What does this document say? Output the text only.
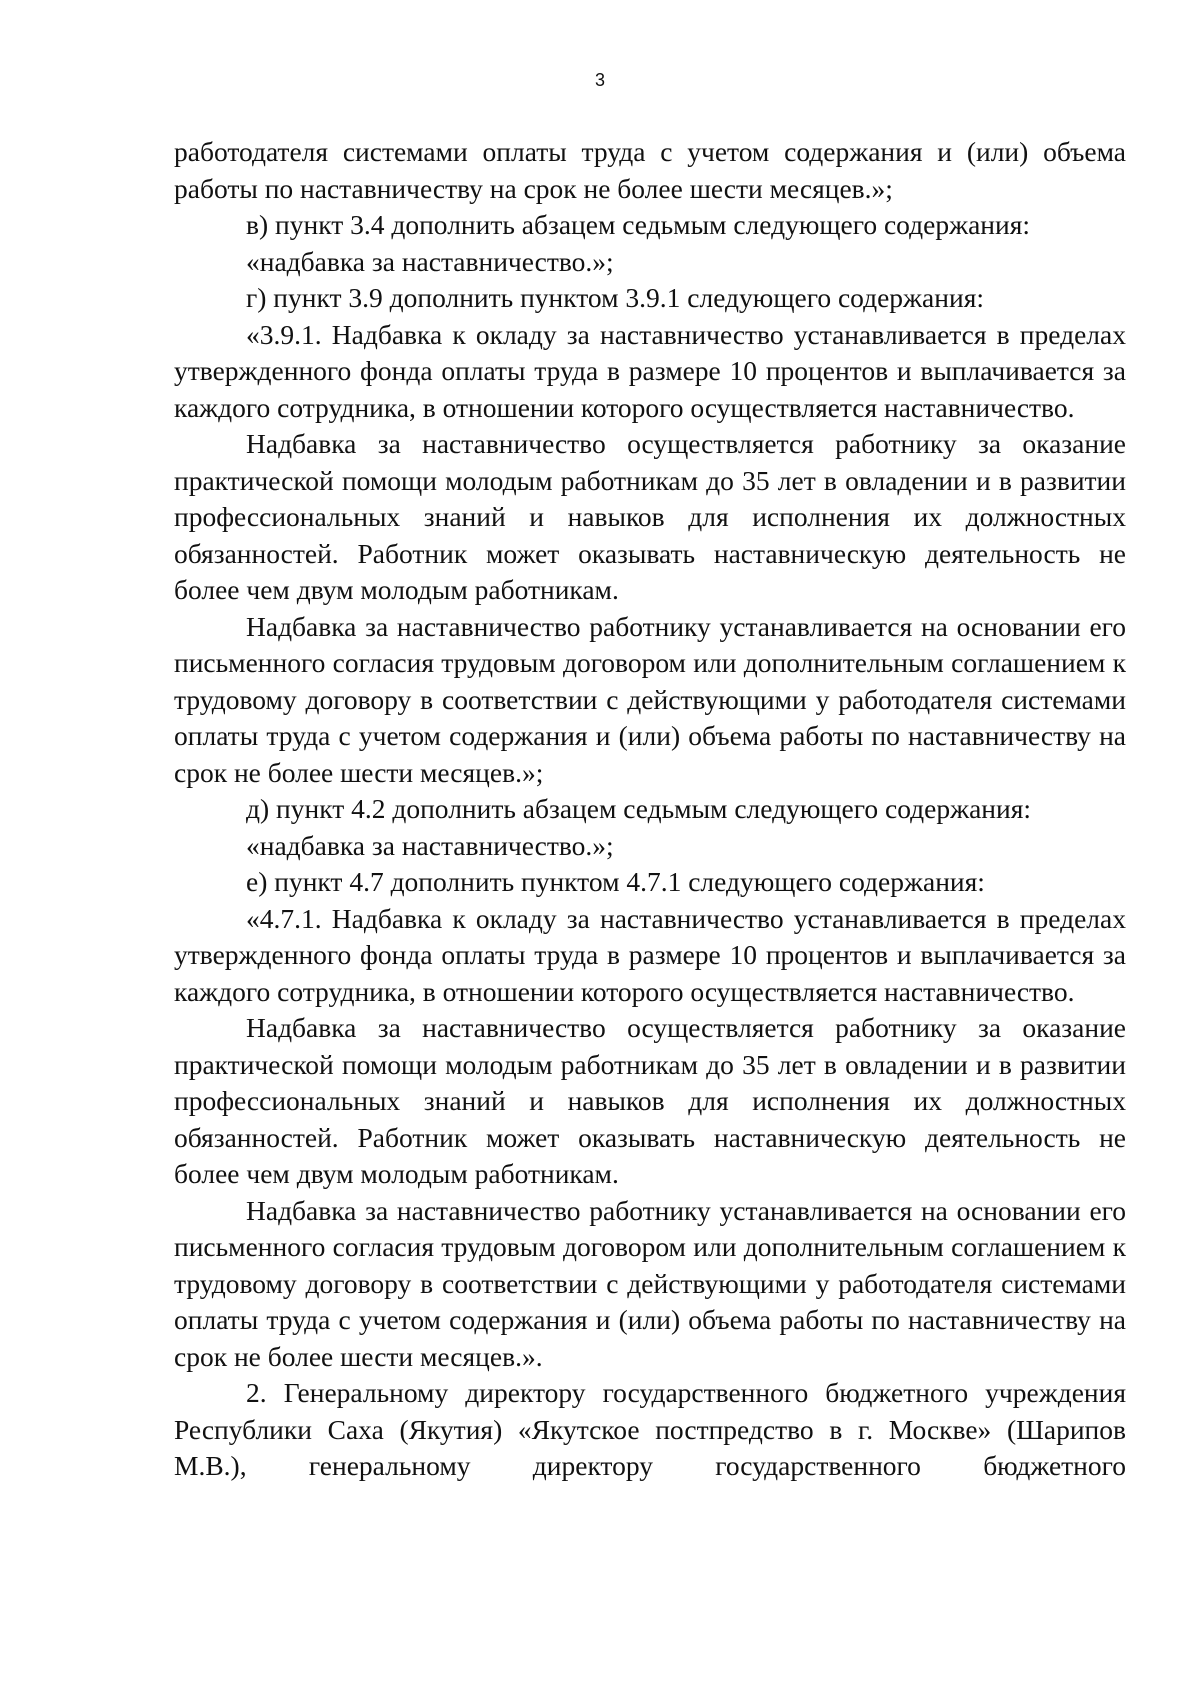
3

работодателя системами оплаты труда с учетом содержания и (или) объема работы по наставничеству на срок не более шести месяцев.»;

в) пункт 3.4 дополнить абзацем седьмым следующего содержания:

«надбавка за наставничество.»;

г) пункт 3.9 дополнить пунктом 3.9.1 следующего содержания:

«3.9.1. Надбавка к окладу за наставничество устанавливается в пределах утвержденного фонда оплаты труда в размере 10 процентов и выплачивается за каждого сотрудника, в отношении которого осуществляется наставничество.

Надбавка за наставничество осуществляется работнику за оказание практической помощи молодым работникам до 35 лет в овладении и в развитии профессиональных знаний и навыков для исполнения их должностных обязанностей. Работник может оказывать наставническую деятельность не более чем двум молодым работникам.

Надбавка за наставничество работнику устанавливается на основании его письменного согласия трудовым договором или дополнительным соглашением к трудовому договору в соответствии с действующими у работодателя системами оплаты труда с учетом содержания и (или) объема работы по наставничеству на срок не более шести месяцев.»;

д) пункт 4.2 дополнить абзацем седьмым следующего содержания:

«надбавка за наставничество.»;

е) пункт 4.7 дополнить пунктом 4.7.1 следующего содержания:

«4.7.1. Надбавка к окладу за наставничество устанавливается в пределах утвержденного фонда оплаты труда в размере 10 процентов и выплачивается за каждого сотрудника, в отношении которого осуществляется наставничество.

Надбавка за наставничество осуществляется работнику за оказание практической помощи молодым работникам до 35 лет в овладении и в развитии профессиональных знаний и навыков для исполнения их должностных обязанностей. Работник может оказывать наставническую деятельность не более чем двум молодым работникам.

Надбавка за наставничество работнику устанавливается на основании его письменного согласия трудовым договором или дополнительным соглашением к трудовому договору в соответствии с действующими у работодателя системами оплаты труда с учетом содержания и (или) объема работы по наставничеству на срок не более шести месяцев.».

2. Генеральному директору государственного бюджетного учреждения Республики Саха (Якутия) «Якутское постпредство в г. Москве» (Шарипов М.В.), генеральному директору государственного бюджетного
